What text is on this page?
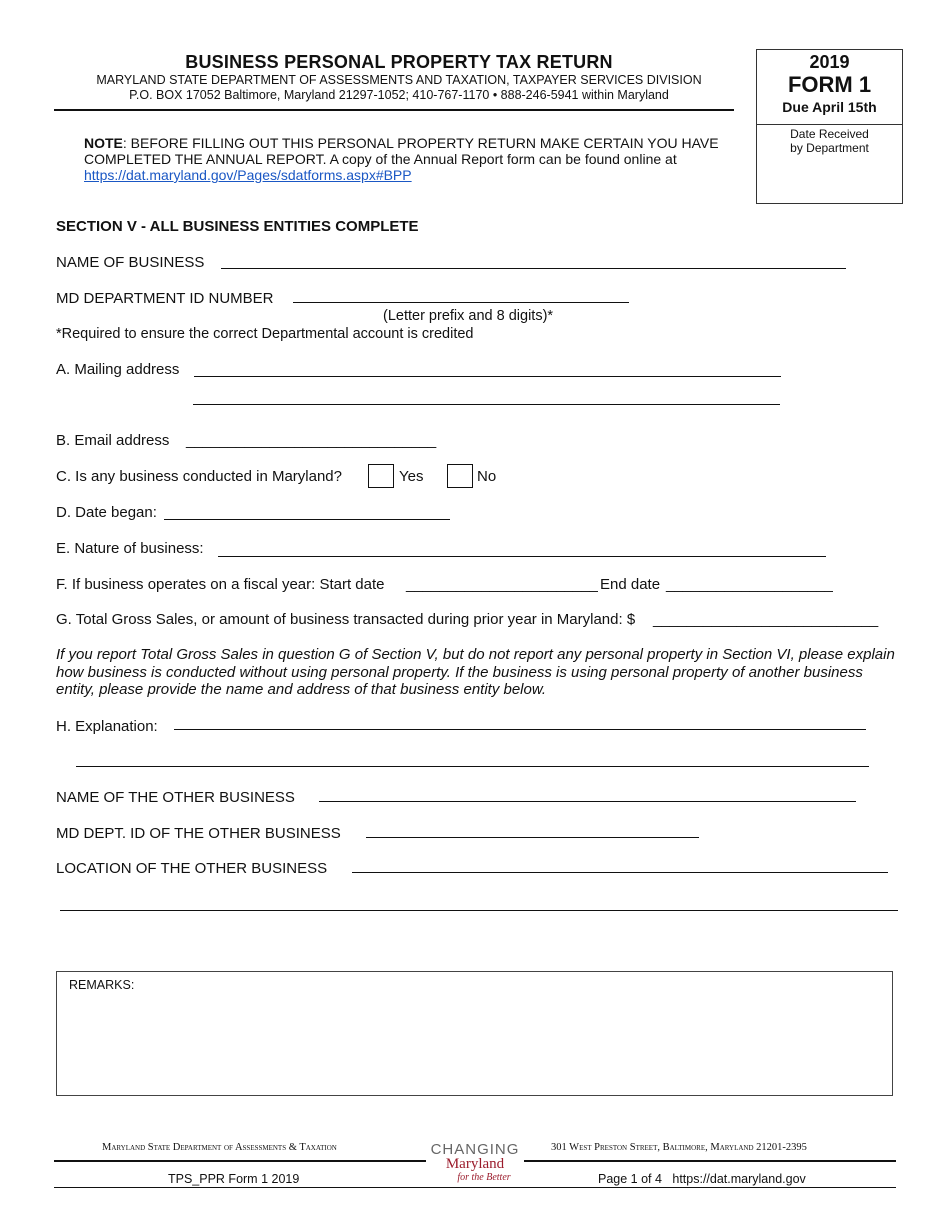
BUSINESS PERSONAL PROPERTY TAX RETURN
MARYLAND STATE DEPARTMENT OF ASSESSMENTS AND TAXATION, TAXPAYER SERVICES DIVISION
P.O. BOX 17052 Baltimore, Maryland 21297-1052; 410-767-1170 • 888-246-5941 within Maryland
2019
FORM 1
Due April 15th
Date Received
by Department
NOTE: BEFORE FILLING OUT THIS PERSONAL PROPERTY RETURN MAKE CERTAIN YOU HAVE COMPLETED THE ANNUAL REPORT. A copy of the Annual Report form can be found online at https://dat.maryland.gov/Pages/sdatforms.aspx#BPP
SECTION V - ALL BUSINESS ENTITIES COMPLETE
NAME OF BUSINESS
MD DEPARTMENT ID NUMBER
(Letter prefix and 8 digits)*
*Required to ensure the correct Departmental account is credited
A. Mailing address
B. Email address ______________________________
C. Is any business conducted in Maryland?	Yes	No
D. Date began:
E. Nature of business:
F. If business operates on a fiscal year: Start date _______________________ End date ____________________
G. Total Gross Sales, or amount of business transacted during prior year in Maryland: $ ___________________________
If you report Total Gross Sales in question G of Section V, but do not report any personal property in Section VI, please explain how business is conducted without using personal property. If the business is using personal property of another business entity, please provide the name and address of that business entity below.
H. Explanation:
NAME OF THE OTHER BUSINESS
MD DEPT. ID OF THE OTHER BUSINESS
LOCATION OF THE OTHER BUSINESS
REMARKS:
Maryland State Department of Assessments & Taxation	301 West Preston Street, Baltimore, Maryland 21201-2395
CHANGING
Maryland
for the Better
TPS_PPR Form 1 2019	Page 1 of 4 https://dat.maryland.gov
